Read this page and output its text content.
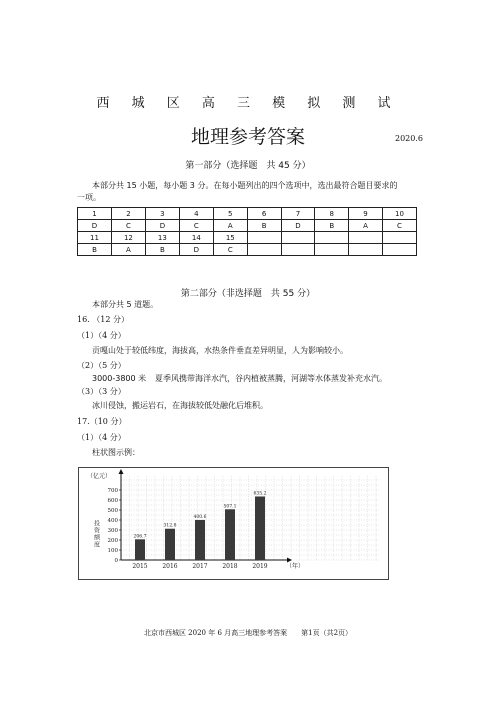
西 城 区 高 三 模 拟 测 试
地理参考答案	2020.6
第一部分（选择题　共 45 分）
本部分共 15 小题，每小题 3 分。在每小题列出的四个选项中，选出最符合题目要求的
一项。
1	2	3	4	5	6	7	8	9	10
D	C	D	C	A	B	D	B	A	C
11	12	13	14	15					
B	A	B	D	C					
第二部分（非选择题　共 55 分）
本部分共 5 道题。
16. （12 分）
（1）（4 分）
贡嘎山处于较低纬度，海拔高，水热条件垂直差异明显，人为影响较小。
（2）（5 分）
3000-3800 米 夏季风携带海洋水汽，谷内植被蒸腾，河湖等水体蒸发补充水汽。
（3）（3 分）
冰川侵蚀，搬运岩石，在海拔较低处融化后堆积。
17.（10 分）
（1）（4 分）
柱状图示例：
0
100
200
300
400
500
600
700
（亿元）
投资额度	206.7
2015
312.8
2016
400.6
2017
507.1
2018
635.2
2019	（年）
北京市西城区 2020 年 6 月高三地理参考答案　　第1页（共2页）
